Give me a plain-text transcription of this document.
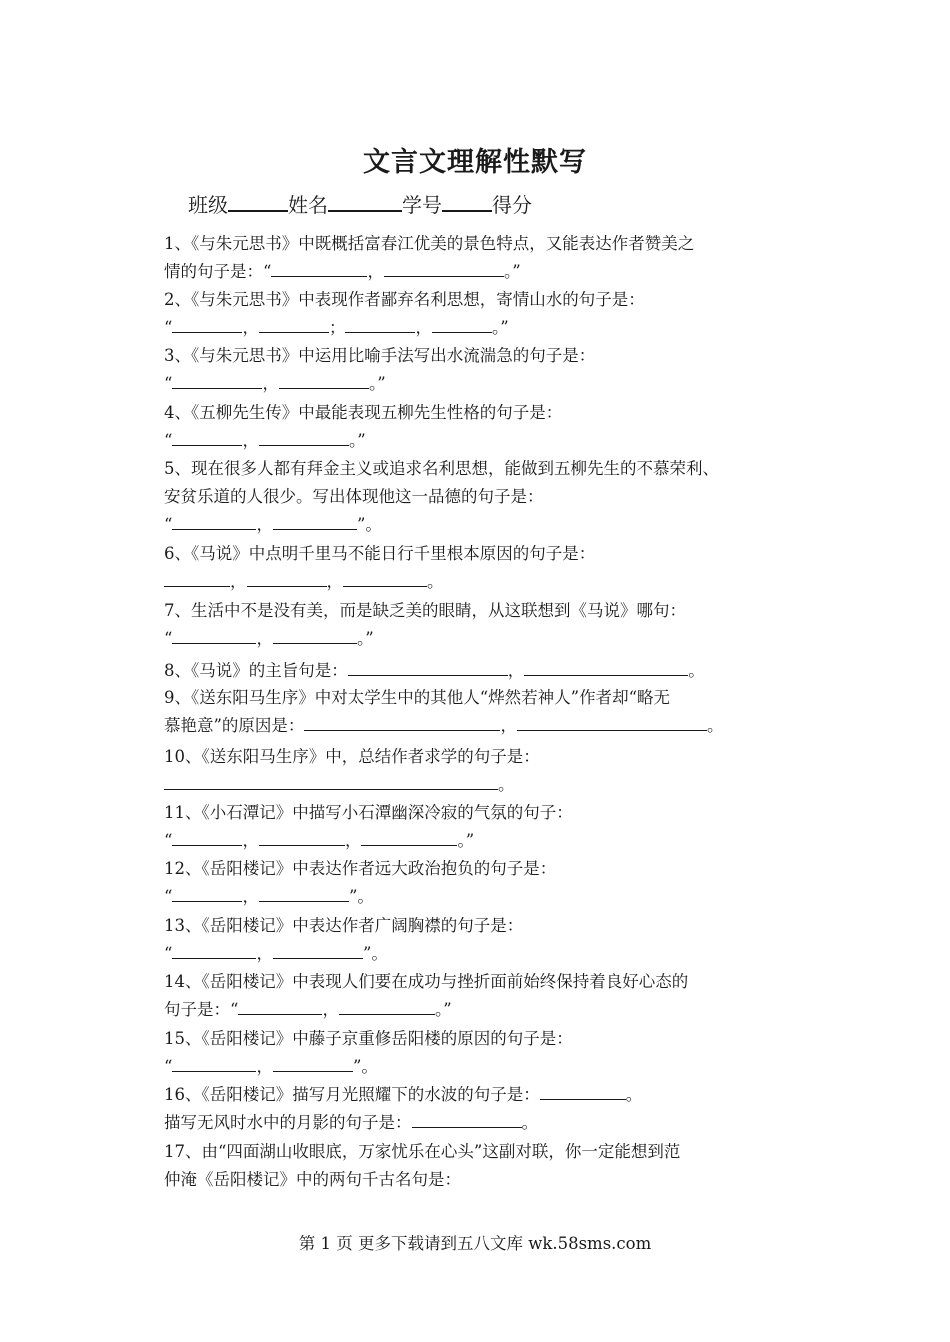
文言文理解性默写
班级	姓名	学号	得分
1、《与朱元思书》中既概括富春江优美的景色特点，又能表达作者赞美之
情的句子是：“	，	。”
2、《与朱元思书》中表现作者鄙弃名利思想，寄情山水的句子是：
“	，	；	，	。”
3、《与朱元思书》中运用比喻手法写出水流湍急的句子是：
“	，	。”
4、《五柳先生传》中最能表现五柳先生性格的句子是：
“	，	。”
5、现在很多人都有拜金主义或追求名利思想，能做到五柳先生的不慕荣利、
安贫乐道的人很少。写出体现他这一品德的句子是：
“	，	”。
6、《马说》中点明千里马不能日行千里根本原因的句子是：
，	，	。
7、生活中不是没有美，而是缺乏美的眼睛，从这联想到《马说》哪句：
“	，	。”
8、《马说》的主旨句是：	，	。
9、《送东阳马生序》中对太学生中的其他人“烨然若神人”作者却“略无
慕艳意”的原因是：	，	。
10、《送东阳马生序》中，总结作者求学的句子是：
。
11、《小石潭记》中描写小石潭幽深冷寂的气氛的句子：
“	，	，	。”
12、《岳阳楼记》中表达作者远大政治抱负的句子是：
“	，	”。
13、《岳阳楼记》中表达作者广阔胸襟的句子是：
“	，	”。
14、《岳阳楼记》中表现人们要在成功与挫折面前始终保持着良好心态的
句子是：“	，	。”
15、《岳阳楼记》中藤子京重修岳阳楼的原因的句子是：
“	，	”。
16、《岳阳楼记》描写月光照耀下的水波的句子是：	。
描写无风时水中的月影的句子是：	。
17、由“四面湖山收眼底，万家忧乐在心头”这副对联，你一定能想到范
仲淹《岳阳楼记》中的两句千古名句是：
第 1 页 更多下载请到五八文库 wk.58sms.com
